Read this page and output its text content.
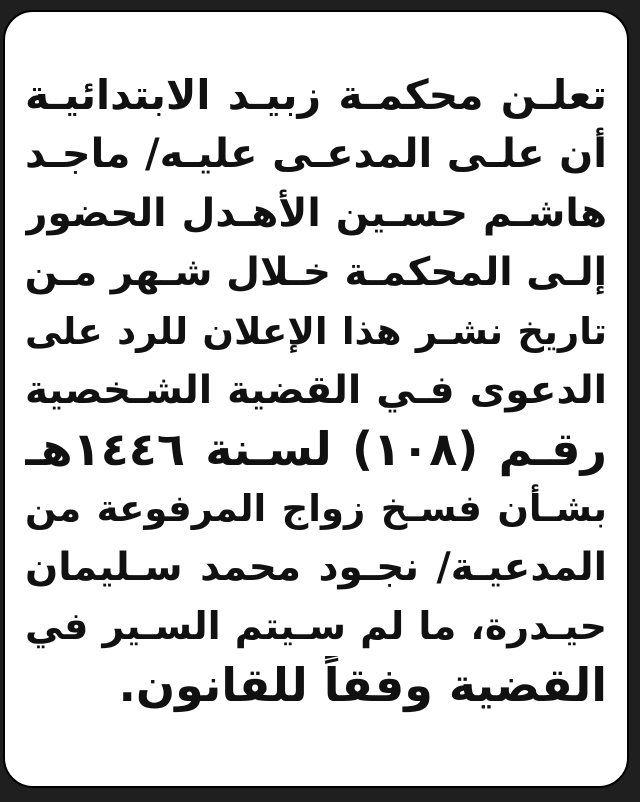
تعلـن محكمـة زبيـد الابتدائيـة
أن علـى المدعـى عليـه/ ماجـد
هاشـم حسـين الأهـدل الحضور
إلـى المحكمـة خـلال شـهر مـن
تاريخ نشـر هذا الإعلان للرد على
الدعوى فـي القضية الشـخصية
رقـم (١٠٨) لسـنة ١٤٤٦هـ
بشـأن فسـخ زواج المرفوعة من
المدعيـة/ نجـود محمد سـليمان
حيـدرة، ما لم سـيتم السـير في
القضية وفقاً للقانون.
